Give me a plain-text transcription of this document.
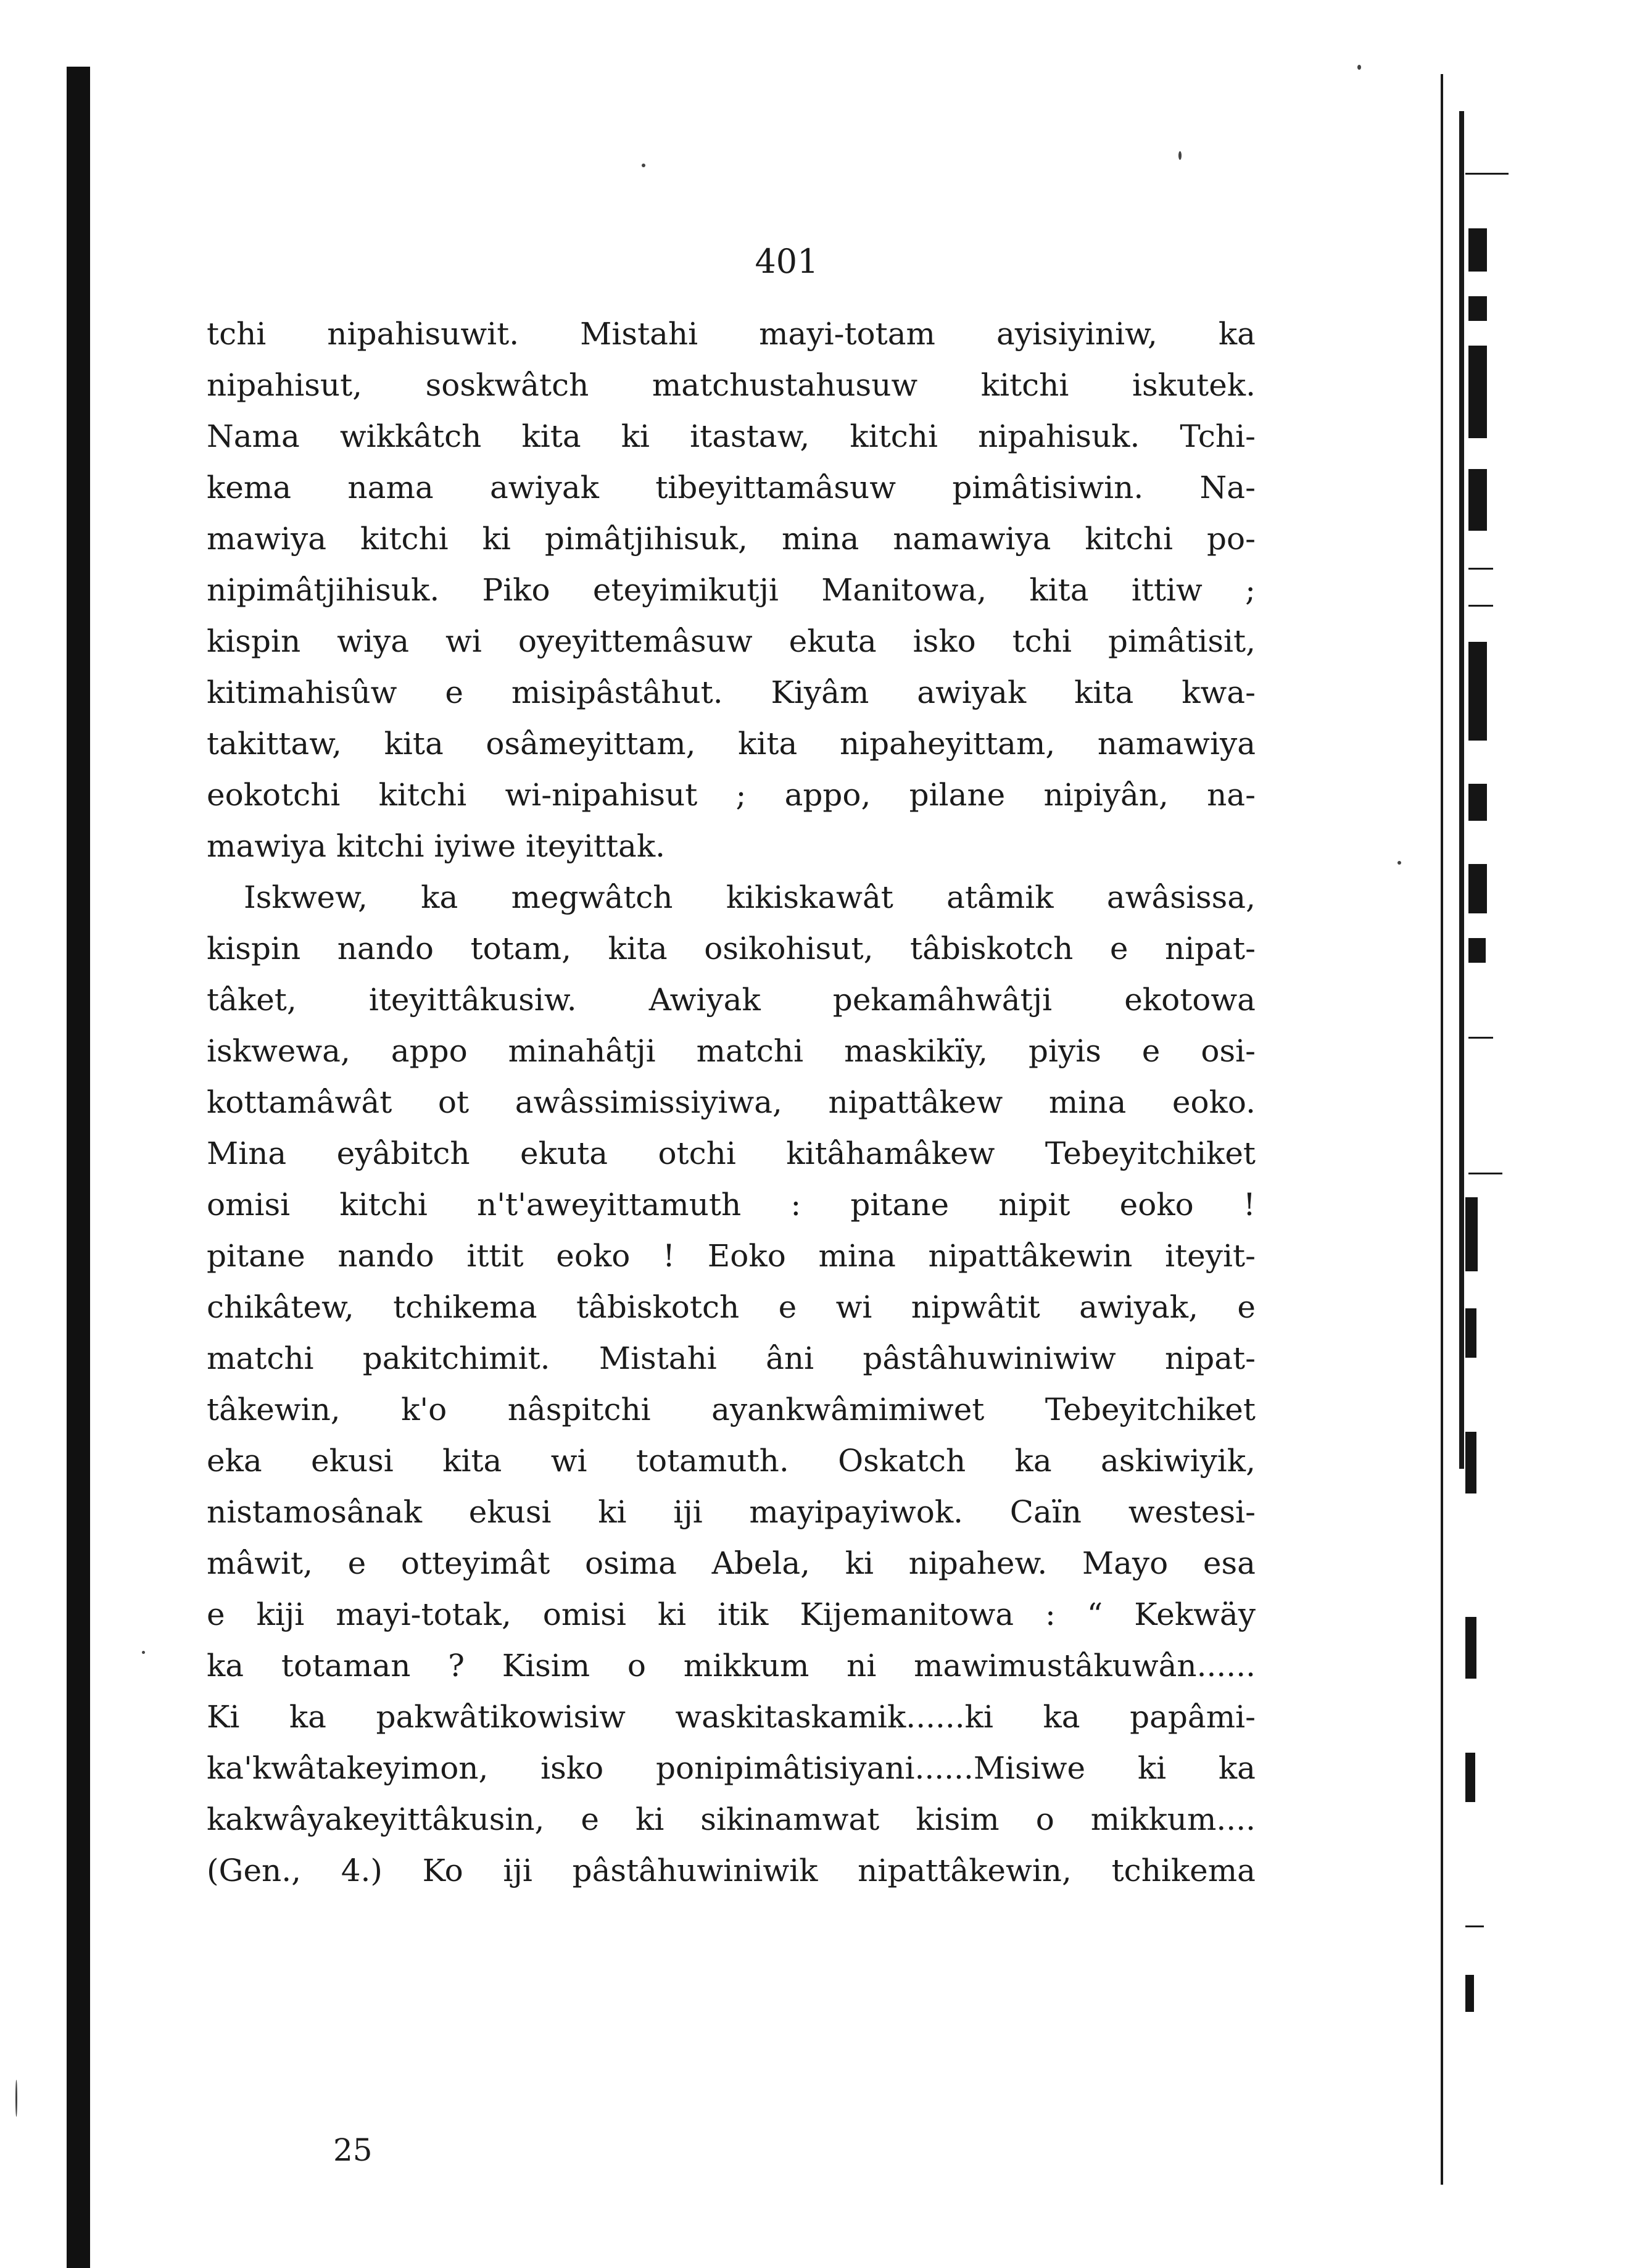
401
tchi nipahisuwit. Mistahi mayi-totam ayisiyiniw, ka
nipahisut, soskwâtch matchustahusuw kitchi iskutek.
Nama wikkâtch kita ki itastaw, kitchi nipahisuk. Tchi-
kema nama awiyak tibeyittamâsuw pimâtisiwin. Na-
mawiya kitchi ki pimâtjihisuk, mina namawiya kitchi po-
nipimâtjihisuk. Piko eteyimikutji Manitowa, kita ittiw ;
kispin wiya wi oyeyittemâsuw ekuta isko tchi pimâtisit,
kitimahisûw e misipâstâhut. Kiyâm awiyak kita kwa-
takittaw, kita osâmeyittam, kita nipaheyittam, namawiya
eokotchi kitchi wi-nipahisut ; appo, pilane nipiyân, na-
mawiya kitchi iyiwe iteyittak.
Iskwew, ka megwâtch kikiskawât atâmik awâsissa,
kispin nando totam, kita osikohisut, tâbiskotch e nipat-
tâket, iteyittâkusiw. Awiyak pekamâhwâtji ekotowa
iskwewa, appo minahâtji matchi maskikïy, piyis e osi-
kottamâwât ot awâssimissiyiwa, nipattâkew mina eoko.
Mina eyâbitch ekuta otchi kitâhamâkew Tebeyitchiket
omisi kitchi n't'aweyittamuth : pitane nipit eoko !
pitane nando ittit eoko ! Eoko mina nipattâkewin iteyit-
chikâtew, tchikema tâbiskotch e wi nipwâtit awiyak, e
matchi pakitchimit. Mistahi âni pâstâhuwiniwiw nipat-
tâkewin, k'o nâspitchi ayankwâmimiwet Tebeyitchiket
eka ekusi kita wi totamuth. Oskatch ka askiwiyik,
nistamosânak ekusi ki iji mayipayiwok. Caïn westesi-
mâwit, e otteyimât osima Abela, ki nipahew. Mayo esa
e kiji mayi-totak, omisi ki itik Kijemanitowa : “ Kekwäy
ka totaman ? Kisim o mikkum ni mawimustâkuwân......
Ki ka pakwâtikowisiw waskitaskamik......ki ka papâmi-
ka'kwâtakeyimon, isko ponipimâtisiyani......Misiwe ki ka
kakwâyakeyittâkusin, e ki sikinamwat kisim o mikkum....
(Gen., 4.) Ko iji pâstâhuwiniwik nipattâkewin, tchikema
25
